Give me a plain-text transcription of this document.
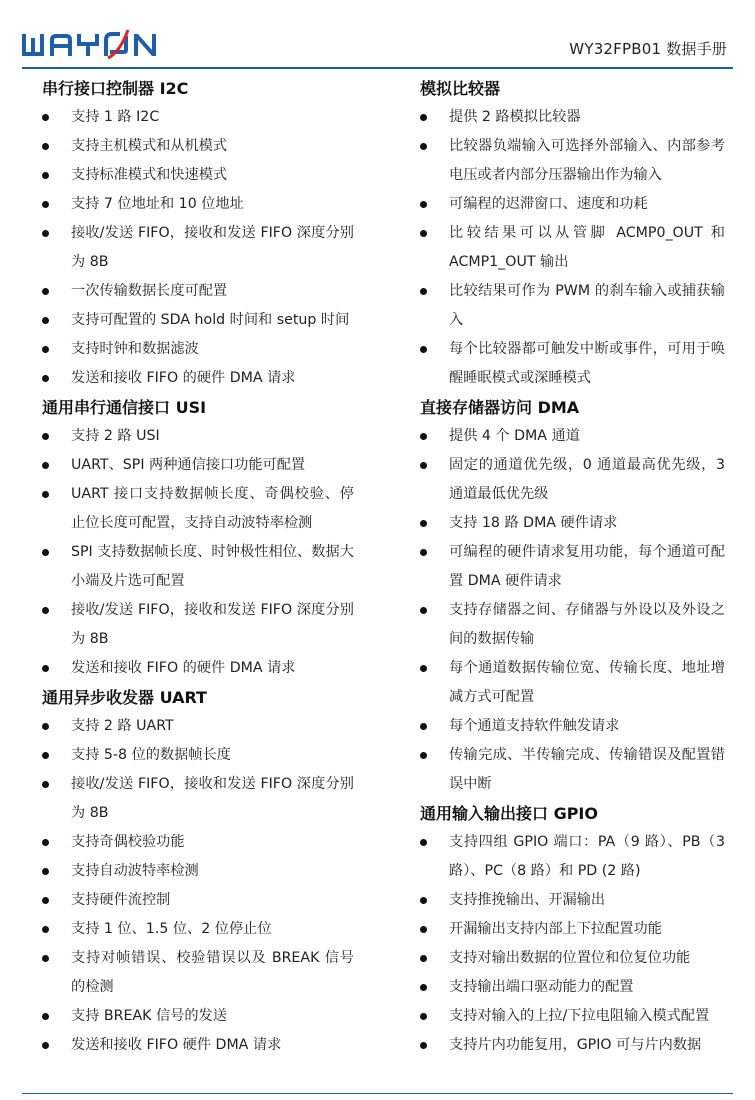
WY32FPB01 数据手册
串行接口控制器 I2C
支持 1 路 I2C
支持主机模式和从机模式
支持标准模式和快速模式
支持 7 位地址和 10 位地址
接收/发送 FIFO，接收和发送 FIFO 深度分别为 8B
一次传输数据长度可配置
支持可配置的 SDA hold 时间和 setup 时间
支持时钟和数据滤波
发送和接收 FIFO 的硬件 DMA 请求
通用串行通信接口 USI
支持 2 路 USI
UART、SPI 两种通信接口功能可配置
UART 接口支持数据帧长度、奇偶校验、停止位长度可配置，支持自动波特率检测
SPI 支持数据帧长度、时钟极性相位、数据大小端及片选可配置
接收/发送 FIFO，接收和发送 FIFO 深度分别为 8B
发送和接收 FIFO 的硬件 DMA 请求
通用异步收发器 UART
支持 2 路 UART
支持 5-8 位的数据帧长度
接收/发送 FIFO，接收和发送 FIFO 深度分别为 8B
支持奇偶校验功能
支持自动波特率检测
支持硬件流控制
支持 1 位、1.5 位、2 位停止位
支持对帧错误、校验错误以及 BREAK 信号的检测
支持 BREAK 信号的发送
发送和接收 FIFO 硬件 DMA 请求
模拟比较器
提供 2 路模拟比较器
比较器负端输入可选择外部输入、内部参考电压或者内部分压器输出作为输入
可编程的迟滞窗口、速度和功耗
比较结果可以从管脚 ACMP0_OUT 和 ACMP1_OUT 输出
比较结果可作为 PWM 的刹车输入或捕获输入
每个比较器都可触发中断或事件，可用于唤醒睡眠模式或深睡模式
直接存储器访问 DMA
提供 4 个 DMA 通道
固定的通道优先级，0 通道最高优先级，3 通道最低优先级
支持 18 路 DMA 硬件请求
可编程的硬件请求复用功能，每个通道可配置 DMA 硬件请求
支持存储器之间、存储器与外设以及外设之间的数据传输
每个通道数据传输位宽、传输长度、地址增减方式可配置
每个通道支持软件触发请求
传输完成、半传输完成、传输错误及配置错误中断
通用输入输出接口 GPIO
支持四组 GPIO 端口：PA（9 路）、PB（3 路）、PC（8 路）和 PD (2 路)
支持推挽输出、开漏输出
开漏输出支持内部上下拉配置功能
支持对输出数据的位置位和位复位功能
支持输出端口驱动能力的配置
支持对输入的上拉/下拉电阻输入模式配置
支持片内功能复用，GPIO 可与片内数据
